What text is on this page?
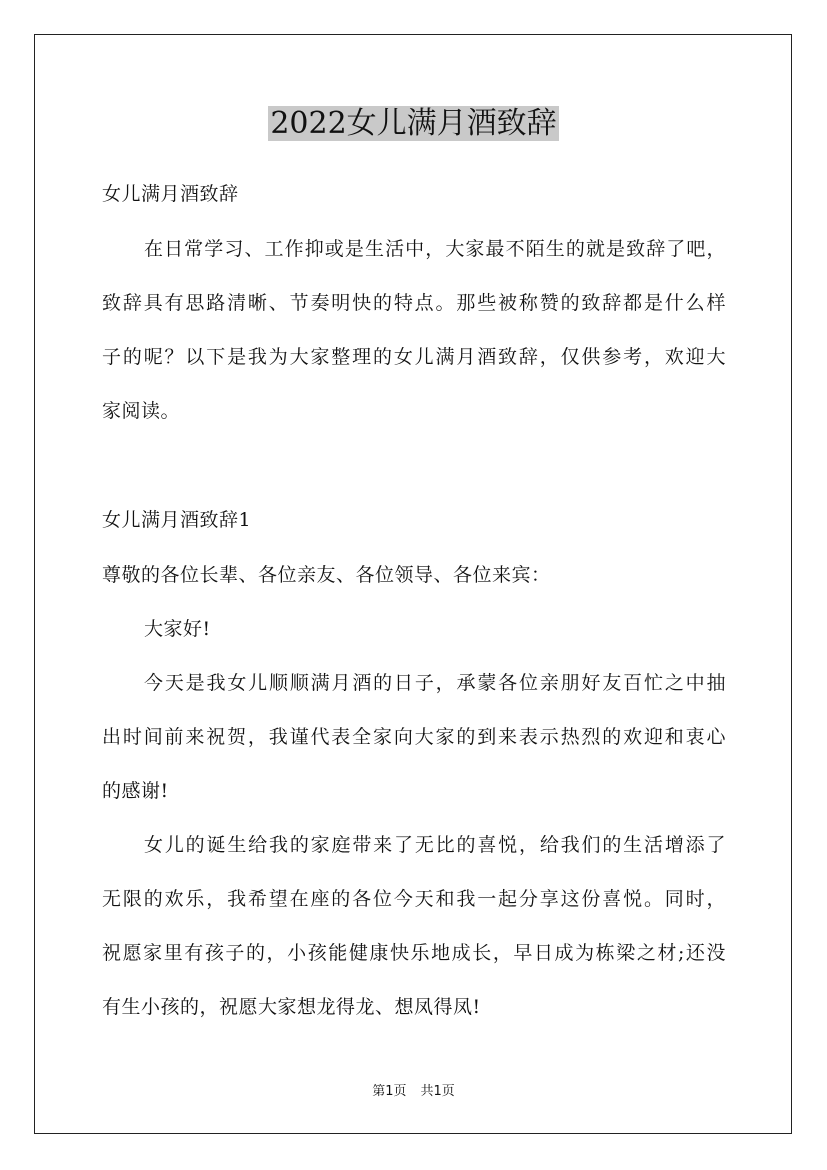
2022女儿满月酒致辞

女儿满月酒致辞

在日常学习、工作抑或是生活中，大家最不陌生的就是致辞了吧，

致辞具有思路清晰、节奏明快的特点。那些被称赞的致辞都是什么样

子的呢？以下是我为大家整理的女儿满月酒致辞，仅供参考，欢迎大

家阅读。

女儿满月酒致辞1

尊敬的各位长辈、各位亲友、各位领导、各位来宾：

大家好!

今天是我女儿顺顺满月酒的日子，承蒙各位亲朋好友百忙之中抽

出时间前来祝贺，我谨代表全家向大家的到来表示热烈的欢迎和衷心

的感谢!

女儿的诞生给我的家庭带来了无比的喜悦，给我们的生活增添了

无限的欢乐，我希望在座的各位今天和我一起分享这份喜悦。同时，

祝愿家里有孩子的，小孩能健康快乐地成长，早日成为栋梁之材;还没

有生小孩的，祝愿大家想龙得龙、想凤得凤!

第1页 共1页
